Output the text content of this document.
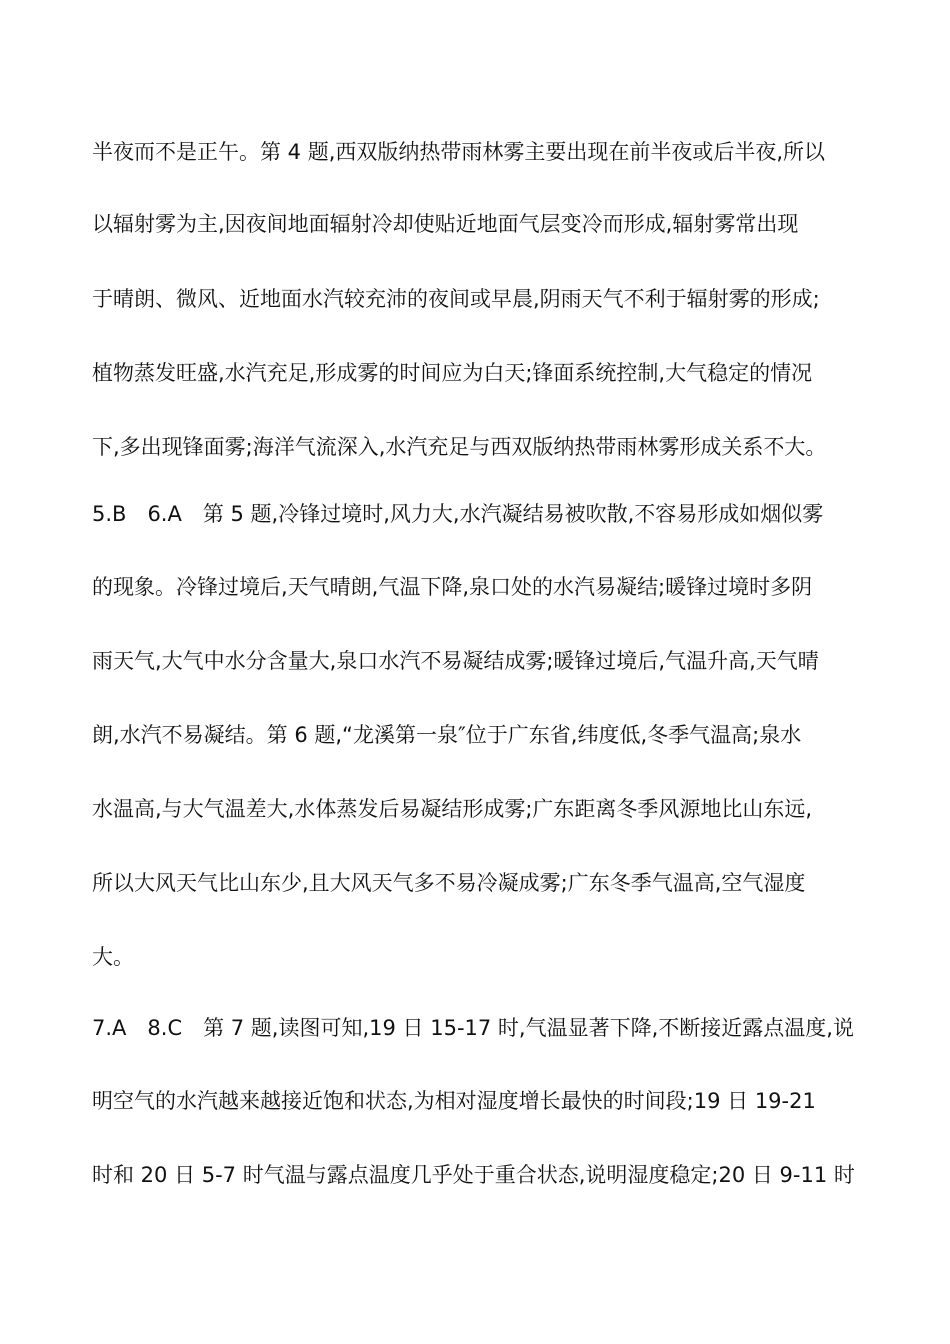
半夜而不是正午。第 4 题,西双版纳热带雨林雾主要出现在前半夜或后半夜,所以
以辐射雾为主,因夜间地面辐射冷却使贴近地面气层变冷而形成,辐射雾常出现
于晴朗、微风、近地面水汽较充沛的夜间或早晨,阴雨天气不利于辐射雾的形成;
植物蒸发旺盛,水汽充足,形成雾的时间应为白天;锋面系统控制,大气稳定的情况
下,多出现锋面雾;海洋气流深入,水汽充足与西双版纳热带雨林雾形成关系不大。
5.B　6.A　第 5 题,冷锋过境时,风力大,水汽凝结易被吹散,不容易形成如烟似雾
的现象。冷锋过境后,天气晴朗,气温下降,泉口处的水汽易凝结;暖锋过境时多阴
雨天气,大气中水分含量大,泉口水汽不易凝结成雾;暖锋过境后,气温升高,天气晴
朗,水汽不易凝结。第 6 题,“龙溪第一泉″位于广东省,纬度低,冬季气温高;泉水
水温高,与大气温差大,水体蒸发后易凝结形成雾;广东距离冬季风源地比山东远,
所以大风天气比山东少,且大风天气多不易冷凝成雾;广东冬季气温高,空气湿度
大。
7.A　8.C　第 7 题,读图可知,19 日 15-17 时,气温显著下降,不断接近露点温度,说
明空气的水汽越来越接近饱和状态,为相对湿度增长最快的时间段;19 日 19-21
时和 20 日 5-7 时气温与露点温度几乎处于重合状态,说明湿度稳定;20 日 9-11 时
